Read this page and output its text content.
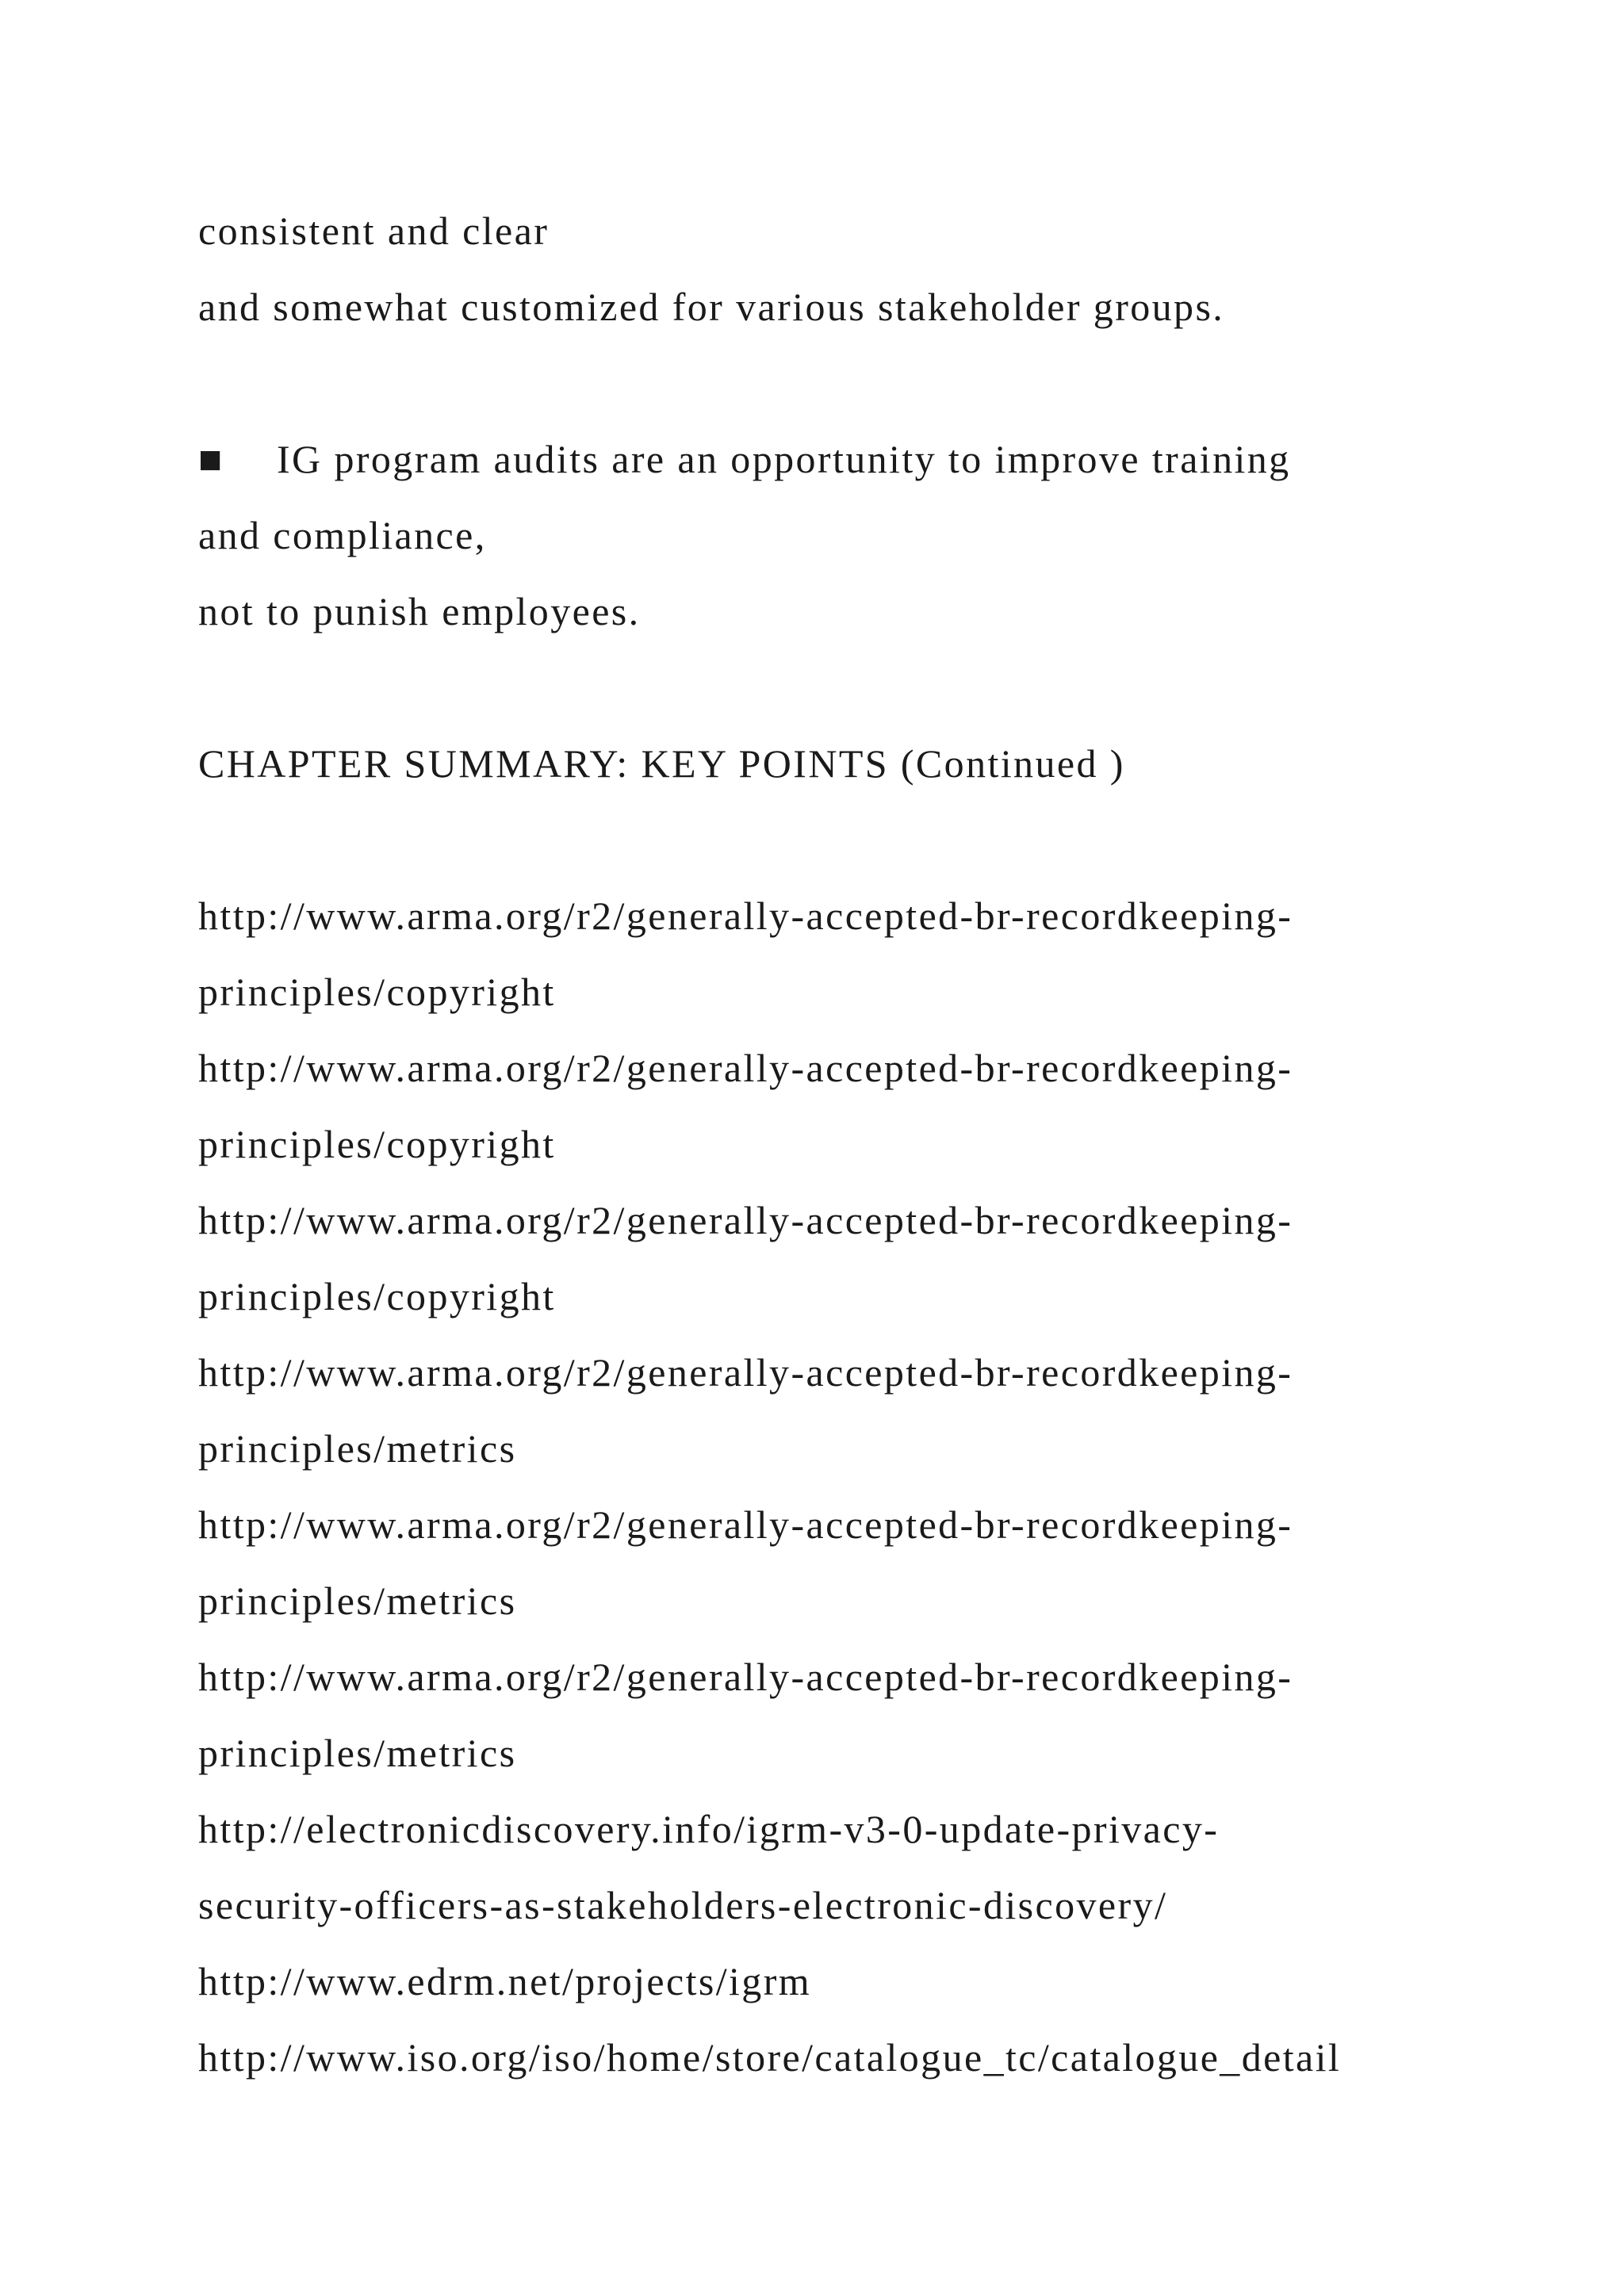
consistent and clear
and somewhat customized for various stakeholder groups.
■ IG program audits are an opportunity to improve training
and compliance,
not to punish employees.
CHAPTER SUMMARY: KEY POINTS (Continued )
http://www.arma.org/r2/generally-accepted-br-recordkeeping-
principles/copyright
http://www.arma.org/r2/generally-accepted-br-recordkeeping-
principles/copyright
http://www.arma.org/r2/generally-accepted-br-recordkeeping-
principles/copyright
http://www.arma.org/r2/generally-accepted-br-recordkeeping-
principles/metrics
http://www.arma.org/r2/generally-accepted-br-recordkeeping-
principles/metrics
http://www.arma.org/r2/generally-accepted-br-recordkeeping-
principles/metrics
http://electronicdiscovery.info/igrm-v3-0-update-privacy-
security-officers-as-stakeholders-electronic-discovery/
http://www.edrm.net/projects/igrm
http://www.iso.org/iso/home/store/catalogue_tc/catalogue_detail
